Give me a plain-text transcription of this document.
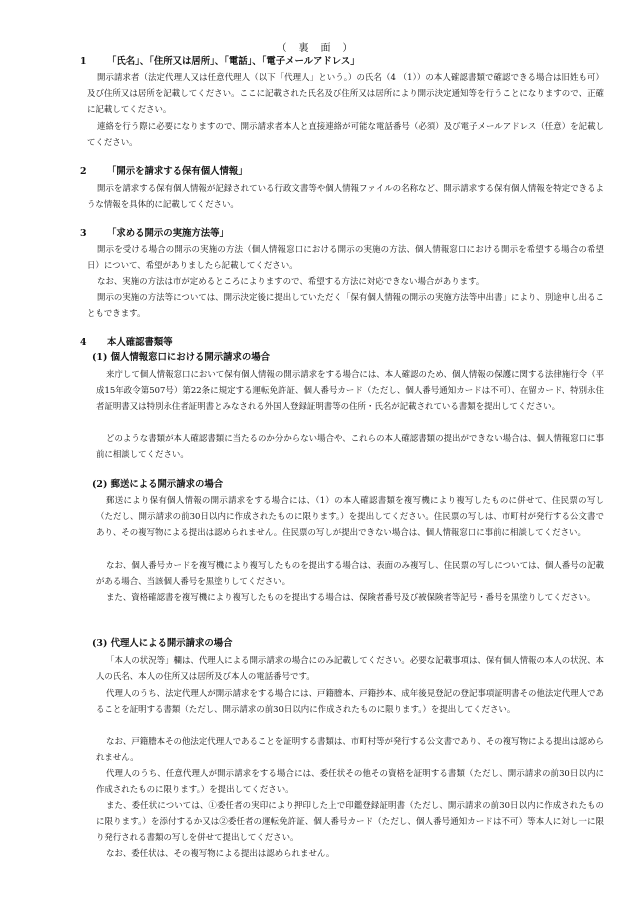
（　裏　面　）
1 「氏名」、「住所又は居所」、「電話」、「電子メールアドレス」

開示請求者（法定代理人又は任意代理人（以下「代理人」という。）の氏名（4 （1））の本人確認書類で確認できる場合は旧姓も可）及び住所又は居所を記載してください。ここに記載された氏名及び住所又は居所により開示決定通知等を行うことになりますので、正確に記載してください。

連絡を行う際に必要になりますので、開示請求者本人と直接連絡が可能な電話番号（必須）及び電子メールアドレス（任意）を記載してください。

2 「開示を請求する保有個人情報」

開示を請求する保有個人情報が記録されている行政文書等や個人情報ファイルの名称など、開示請求する保有個人情報を特定できるような情報を具体的に記載してください。

3 「求める開示の実施方法等」

開示を受ける場合の開示の実施の方法（個人情報窓口における開示の実施の方法、個人情報窓口における開示を希望する場合の希望日）について、希望がありましたら記載してください。

なお、実施の方法は市が定めるところによりますので、希望する方法に対応できない場合があります。

開示の実施の方法等については、開示決定後に提出していただく「保有個人情報の開示の実施方法等申出書」により、別途申し出ることもできます。

4 本人確認書類等
(1) 個人情報窓口における開示請求の場合

来庁して個人情報窓口において保有個人情報の開示請求をする場合には、本人確認のため、個人情報の保護に関する法律施行令（平成15年政令第507号）第22条に規定する運転免許証、個人番号カード（ただし、個人番号通知カードは不可）、在留カード、特別永住者証明書又は特別永住者証明書とみなされる外国人登録証明書等の住所・氏名が記載されている書類を提出してください。

どのような書類が本人確認書類に当たるのか分からない場合や、これらの本人確認書類の提出ができない場合は、個人情報窓口に事前に相談してください。

(2) 郵送による開示請求の場合

郵送により保有個人情報の開示請求をする場合には、（1）の本人確認書類を複写機により複写したものに併せて、住民票の写し（ただし、開示請求の前30日以内に作成されたものに限ります。）を提出してください。住民票の写しは、市町村が発行する公文書であり、その複写物による提出は認められません。住民票の写しが提出できない場合は、個人情報窓口に事前に相談してください。

なお、個人番号カードを複写機により複写したものを提出する場合は、表面のみ複写し、住民票の写しについては、個人番号の記載がある場合、当該個人番号を黒塗りしてください。

また、資格確認書を複写機により複写したものを提出する場合は、保険者番号及び被保険者等記号・番号を黒塗りしてください。

(3) 代理人による開示請求の場合

「本人の状況等」欄は、代理人による開示請求の場合にのみ記載してください。必要な記載事項は、保有個人情報の本人の状況、本人の氏名、本人の住所又は居所及び本人の電話番号です。

代理人のうち、法定代理人が開示請求をする場合には、戸籍謄本、戸籍抄本、成年後見登記の登記事項証明書その他法定代理人であることを証明する書類（ただし、開示請求の前30日以内に作成されたものに限ります。）を提出してください。

なお、戸籍謄本その他法定代理人であることを証明する書類は、市町村等が発行する公文書であり、その複写物による提出は認められません。

代理人のうち、任意代理人が開示請求をする場合には、委任状その他その資格を証明する書類（ただし、開示請求の前30日以内に作成されたものに限ります。）を提出してください。

また、委任状については、①委任者の実印により押印した上で印鑑登録証明書（ただし、開示請求の前30日以内に作成されたものに限ります。）を添付するか又は②委任者の運転免許証、個人番号カード（ただし、個人番号通知カードは不可）等本人に対し一に限り発行される書類の写しを併せて提出してください。

なお、委任状は、その複写物による提出は認められません。
